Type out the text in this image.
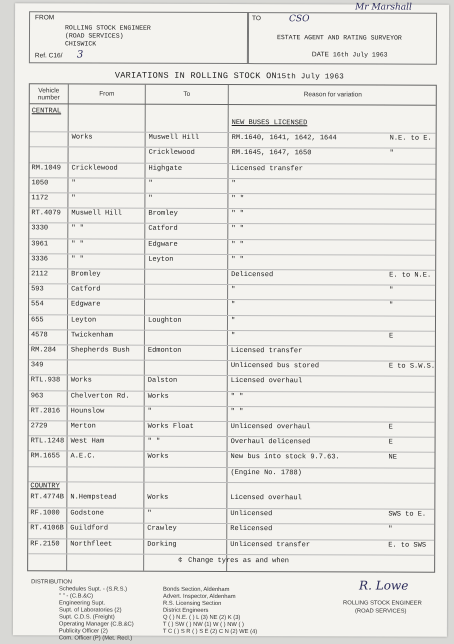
FROM
ROLLING STOCK ENGINEER
(ROAD SERVICES)
CHISWICK
Ref. C16/ 3
TO	CSO
Mr Marshall
ESTATE AGENT AND RATING SURVEYOR
DATE 16th July 1963
VARIATIONS IN ROLLING STOCK ON15th July 1963
Vehicle number
From	To	Reason for variation
CENTRAL
NEW BUSES LICENSED
Works	Muswell Hill	RM.1640, 1641, 1642, 1644	N.E. to E.
Cricklewood	RM.1645, 1647, 1650	"
RM.1049 Cricklewood	Highgate	Licensed transfer
1050	"	"	"
1172	"	"	" "
RT.4079 Muswell Hill	Bromley	" "
3330	" "	Catford	" "
3961	" "	Edgware	" "
3336	" "	Leyton	" "
2112	Bromley	Delicensed	E. to N.E.
593	Catford	"	"
554	Edgware	"	"
655	Leyton	Loughton	"
4578	Twickenham	"	E
RM.284 Shepherds Bush	Edmonton	Licensed transfer
349	Unlicensed bus stored	E to S.W.S.
RTL.938 Works	Dalston	Licensed overhaul
963	Chelverton Rd.	Works	" "
RT.2816 Hounslow	"	" "
2729	Merton	Works Float	Unlicensed overhaul	E
RTL.1248 West Ham	" "	Overhaul delicensed	E
RM.1655 A.E.C.	Works	New bus into stock 9.7.63.	NE
(Engine No. 1788)
COUNTRY
RT.4774B N.Hempstead	Works	Licensed overhaul
RF.1000 Godstone	"	Unlicensed	SWS to E.
RT.4106B Guildford	Crawley	Relicensed	"
RF.2150 Northfleet	Dorking	Unlicensed transfer	E. to SWS
¢ Change tyres as and when
DISTRIBUTION
Schedules Supt. - (S.R.S.)
" " - (C.B.&C)
Engineering Supt.
Supt. of Laboratories (2)
Supt. C.D.S. (Freight)
Operating Manager (C.B.&C)
Publicity Officer (2)
Com. Officer (P) (Met. Recl.)
Bonds Section, Aldenham
Advert. Inspector, Aldenham
R.S. Licensing Section
District Engineers
Q ( ) N.E. ( ) L (3) NE (2) K (3)
T ( ) SW ( ) NW (1) W ( ) NW ( )
T C ( ) S R ( ) S E (2) C N (2) WE (4)
R. Lowe
ROLLING STOCK ENGINEER
(ROAD SERVICES)
